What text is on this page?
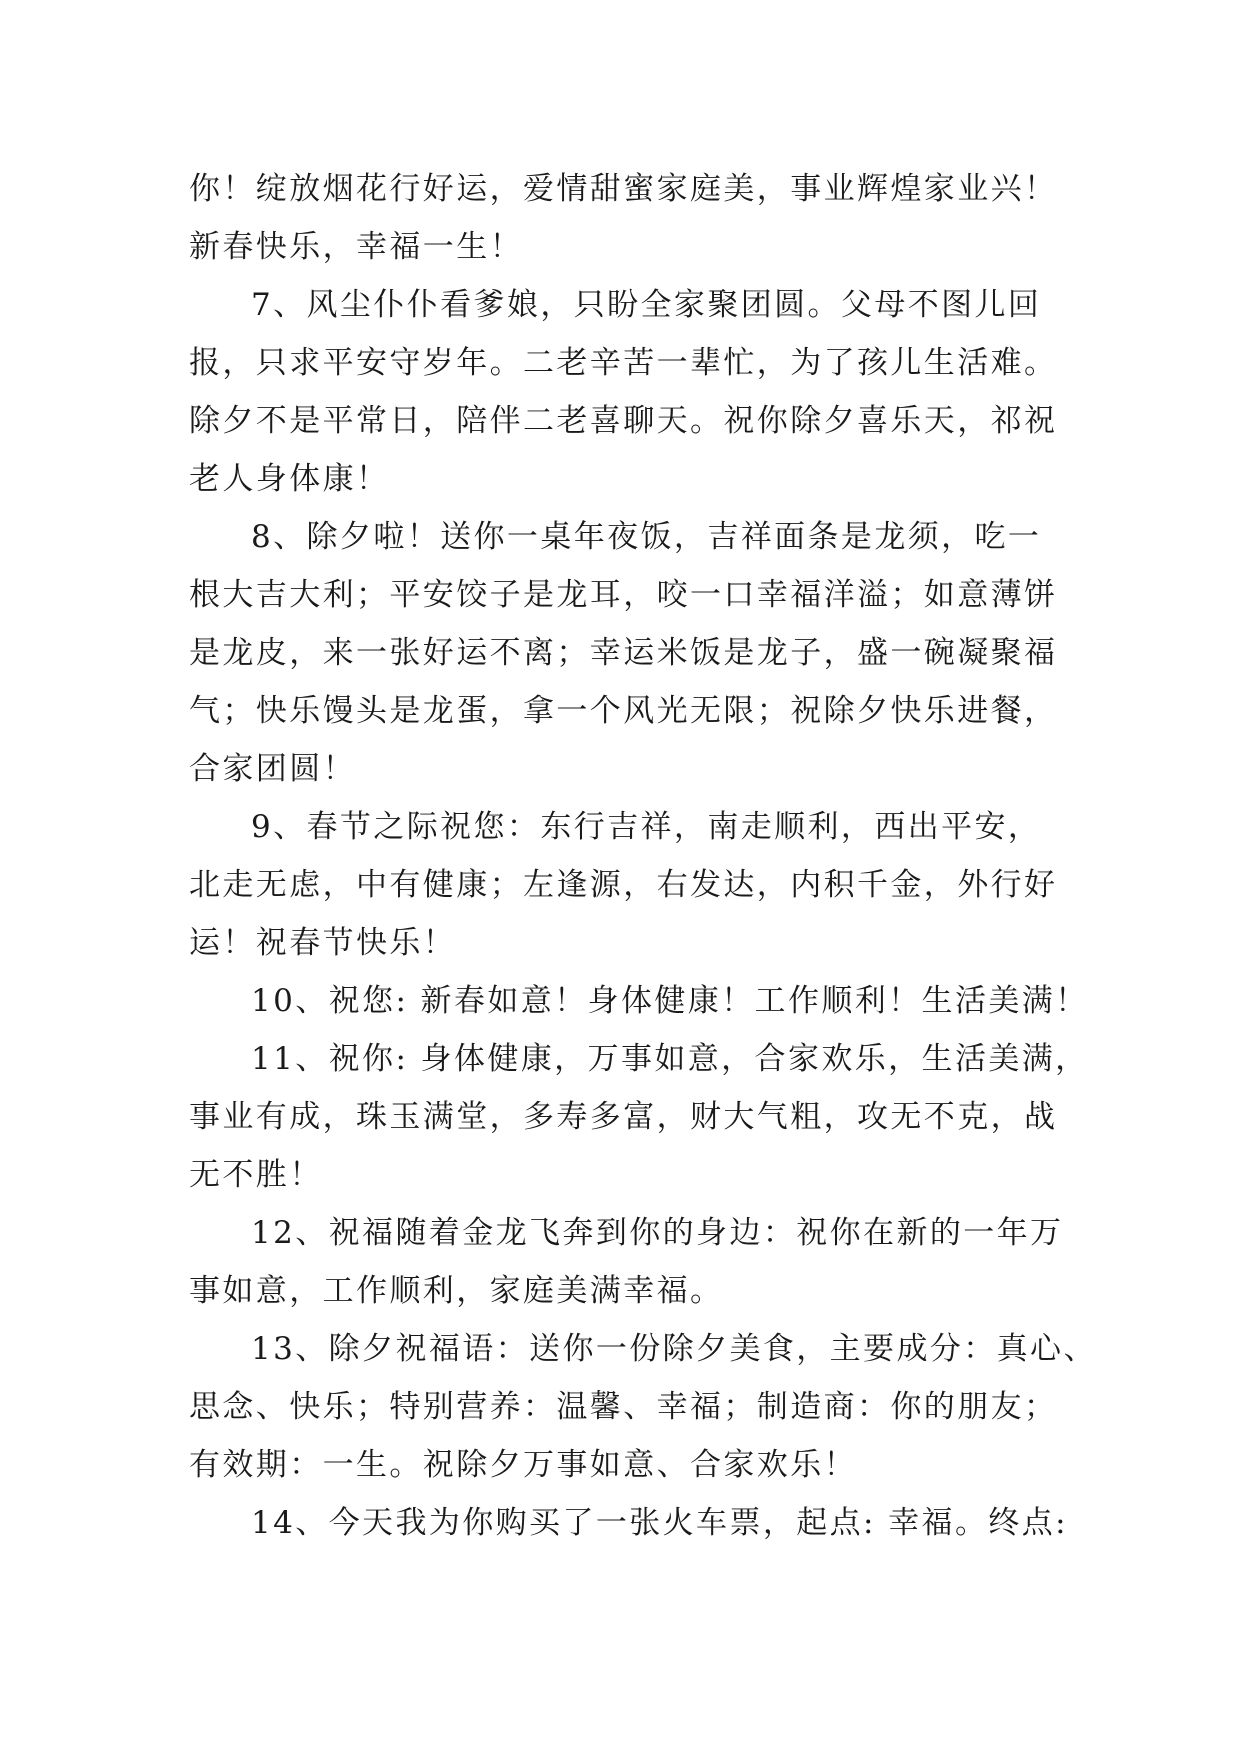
你！绽放烟花行好运，爱情甜蜜家庭美，事业辉煌家业兴！
新春快乐，幸福一生！

7、风尘仆仆看爹娘，只盼全家聚团圆。父母不图儿回
报，只求平安守岁年。二老辛苦一辈忙，为了孩儿生活难。
除夕不是平常日，陪伴二老喜聊天。祝你除夕喜乐天，祁祝
老人身体康！

8、除夕啦！送你一桌年夜饭，吉祥面条是龙须，吃一
根大吉大利；平安饺子是龙耳，咬一口幸福洋溢；如意薄饼
是龙皮，来一张好运不离；幸运米饭是龙子，盛一碗凝聚福
气；快乐馒头是龙蛋，拿一个风光无限；祝除夕快乐进餐，
合家团圆！

9、春节之际祝您：东行吉祥，南走顺利，西出平安，
北走无虑，中有健康；左逢源，右发达，内积千金，外行好
运！祝春节快乐！

10、祝您: 新春如意！身体健康！工作顺利！生活美满！

11、祝你: 身体健康，万事如意，合家欢乐，生活美满，
事业有成，珠玉满堂，多寿多富，财大气粗，攻无不克，战
无不胜！

12、祝福随着金龙飞奔到你的身边：祝你在新的一年万
事如意，工作顺利，家庭美满幸福。

13、除夕祝福语：送你一份除夕美食，主要成分：真心、
思念、快乐；特别营养：温馨、幸福；制造商：你的朋友；
有效期：一生。祝除夕万事如意、合家欢乐！

14、今天我为你购买了一张火车票，起点: 幸福。终点:
